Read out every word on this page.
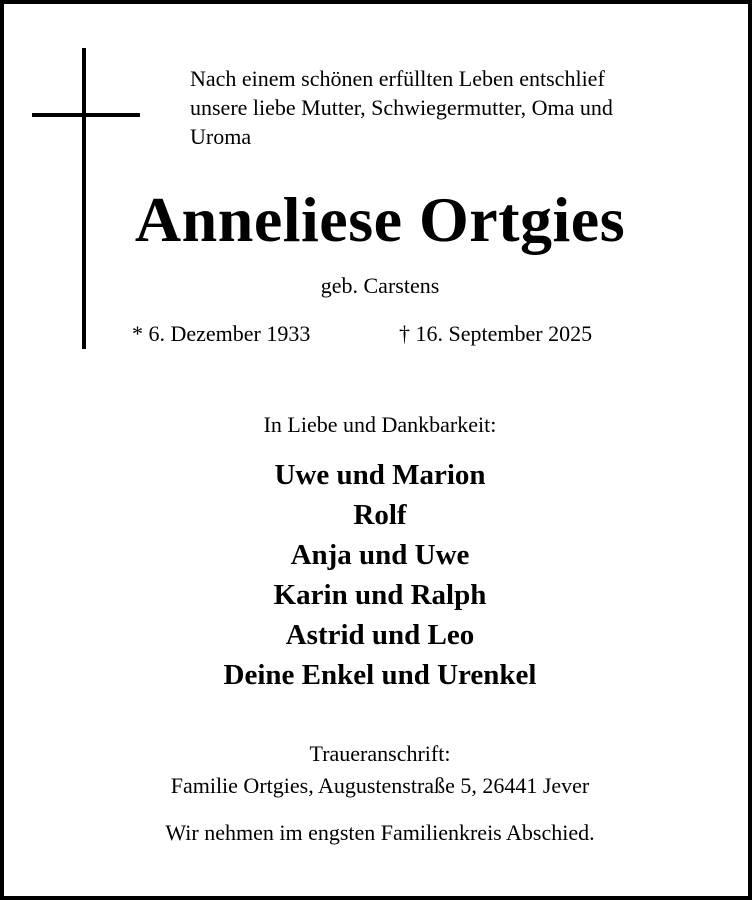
Nach einem schönen erfüllten Leben entschlief
unsere liebe Mutter, Schwiegermutter, Oma und
Uroma
Anneliese Ortgies
geb. Carstens
* 6. Dezember 1933	† 16. September 2025
In Liebe und Dankbarkeit:
Uwe und Marion
Rolf
Anja und Uwe
Karin und Ralph
Astrid und Leo
Deine Enkel und Urenkel
Traueranschrift:
Familie Ortgies, Augustenstraße 5, 26441 Jever
Wir nehmen im engsten Familienkreis Abschied.
